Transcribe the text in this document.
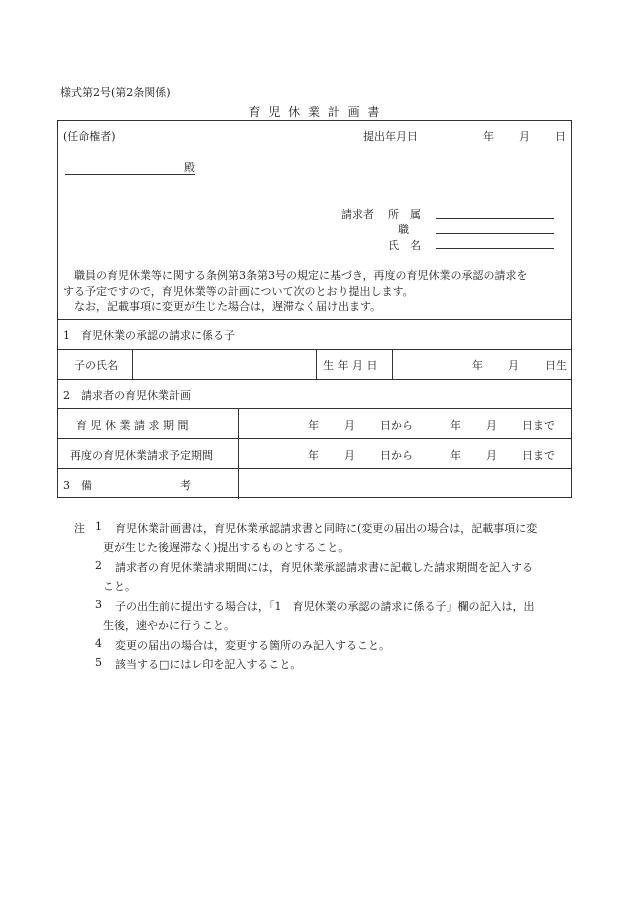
様式第2号(第2条関係)
育 児 休 業 計 画 書
(任命権者)	提出年月日	年 月 日
殿
請求者 所　属
職
氏　名
　職員の育児休業等に関する条例第3条第3号の規定に基づき，再度の育児休業の承認の請求を
する予定ですので，育児休業等の計画について次のとおり提出します。
　なお，記載事項に変更が生じた場合は，遅滞なく届け出ます。
1　育児休業の承認の請求に係る子
子の氏名	生 年 月 日	年 月 日生
2　請求者の育児休業計画
育 児 休 業 請 求 期 間	年 月 日から	年 月 日まで
再度の育児休業請求予定期間	年 月 日から	年 月 日まで
3　備　　　　　　　　考
注 1 育児休業計画書は，育児休業承認請求書と同時に(変更の届出の場合は，記載事項に変
更が生じた後遅滞なく)提出するものとすること。
2 請求者の育児休業請求期間には，育児休業承認請求書に記載した請求期間を記入する
こと。
3 子の出生前に提出する場合は，「1　育児休業の承認の請求に係る子」欄の記入は，出
生後，速やかに行うこと。
4 変更の届出の場合は，変更する箇所のみ記入すること。
5 該当する□にはレ印を記入すること。
